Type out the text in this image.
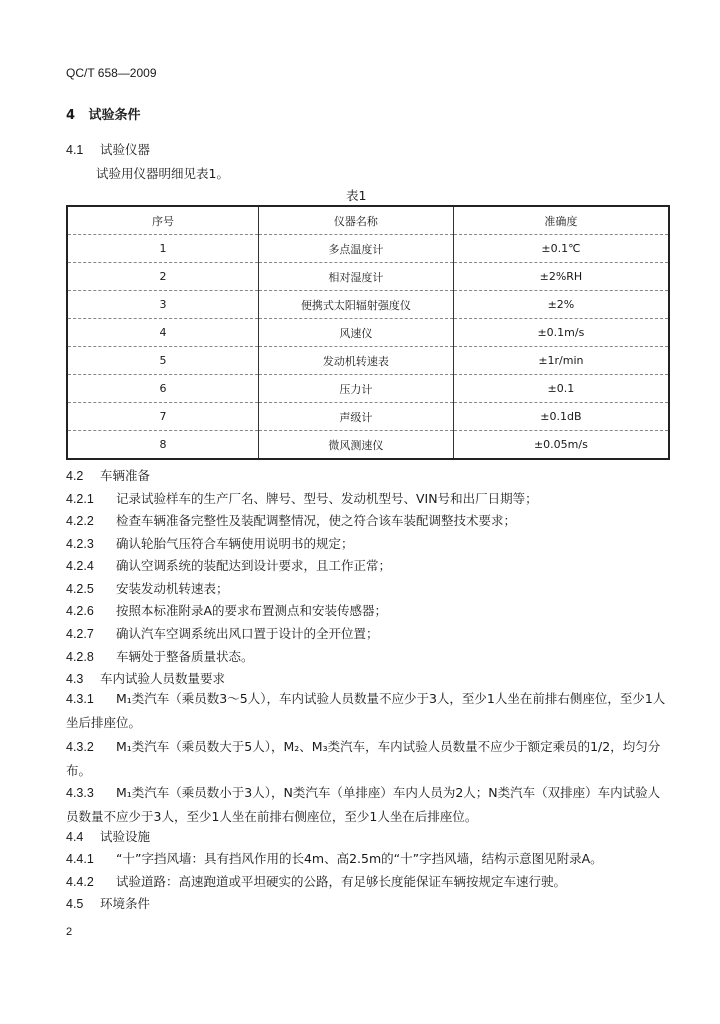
QC/T 658—2009
4 试验条件
4.1 试验仪器
试验用仪器明细见表1。
表1
序号	仪器名称	准确度
1	多点温度计	±0.1℃
2	相对湿度计	±2%RH
3	便携式太阳辐射强度仪	±2%
4	风速仪	±0.1m/s
5	发动机转速表	±1r/min
6	压力计	±0.1
7	声级计	±0.1dB
8	微风测速仪	±0.05m/s
4.2 车辆准备
4.2.1 记录试验样车的生产厂名、牌号、型号、发动机型号、VIN号和出厂日期等；
4.2.2 检查车辆准备完整性及装配调整情况，使之符合该车装配调整技术要求；
4.2.3 确认轮胎气压符合车辆使用说明书的规定；
4.2.4 确认空调系统的装配达到设计要求，且工作正常；
4.2.5 安装发动机转速表；
4.2.6 按照本标准附录A的要求布置测点和安装传感器；
4.2.7 确认汽车空调系统出风口置于设计的全开位置；
4.2.8 车辆处于整备质量状态。
4.3 车内试验人员数量要求
4.3.1 M₁类汽车（乘员数3～5人），车内试验人员数量不应少于3人，至少1人坐在前排右侧座位，至少1人坐后排座位。
4.3.2 M₁类汽车（乘员数大于5人），M₂、M₃类汽车，车内试验人员数量不应少于额定乘员的1/2，均匀分布。
4.3.3 M₁类汽车（乘员数小于3人），N类汽车（单排座）车内人员为2人；N类汽车（双排座）车内试验人员数量不应少于3人，至少1人坐在前排右侧座位，至少1人坐在后排座位。
4.4 试验设施
4.4.1 “十”字挡风墙：具有挡风作用的长4m、高2.5m的“十”字挡风墙，结构示意图见附录A。
4.4.2 试验道路：高速跑道或平坦硬实的公路，有足够长度能保证车辆按规定车速行驶。
4.5 环境条件
2
